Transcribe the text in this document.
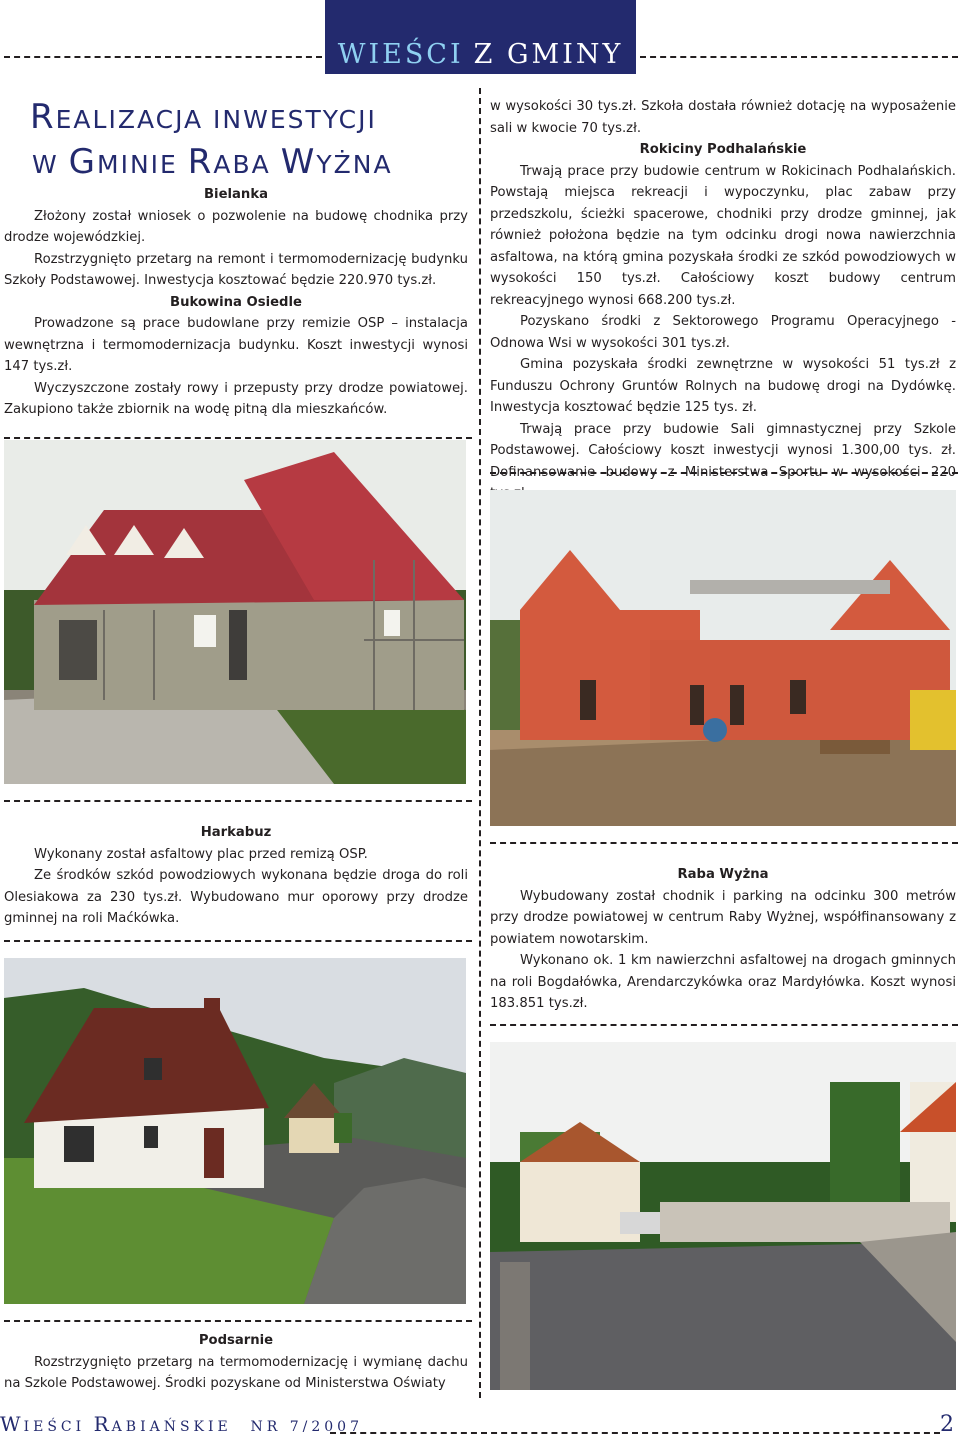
WIEŚCI Z GMINY
REALIZACJA INWESTYCJI
W GMINIE RABA WYŻNA

Bielanka

Złożony został wniosek o pozwolenie na budowę chodnika przy drodze wojewódzkiej.

Rozstrzygnięto przetarg na remont i termomodernizację budynku Szkoły Podstawowej. Inwestycja kosztować będzie 220.970 tys.zł.

Bukowina Osiedle

Prowadzone są prace budowlane przy remizie OSP – instalacja wewnętrzna i termomodernizacja budynku. Koszt inwestycji wynosi 147 tys.zł.

Wyczyszczone zostały rowy i przepusty przy drodze powiatowej. Zakupiono także zbiornik na wodę pitną dla mieszkańców.

w wysokości 30 tys.zł. Szkoła dostała również dotację na wyposażenie sali w kwocie 70 tys.zł.

Rokiciny Podhalańskie

Trwają prace przy budowie centrum w Rokicinach Podhalańskich. Powstają miejsca rekreacji i wypoczynku, plac zabaw przy przedszkolu, ścieżki spacerowe, chodniki przy drodze gminnej, jak również położona będzie na tym odcinku drogi nowa nawierzchnia asfaltowa, na którą gmina pozyskała środki ze szkód powodziowych w wysokości 150 tys.zł. Całościowy koszt budowy centrum rekreacyjnego wynosi 668.200 tys.zł.

Pozyskano środki z Sektorowego Programu Operacyjnego - Odnowa Wsi w wysokości 301 tys.zł.

Gmina pozyskała środki zewnętrzne w wysokości 51 tys.zł z Funduszu Ochrony Gruntów Rolnych na budowę drogi na Dydówkę. Inwestycja kosztować będzie 125 tys. zł.

Trwają prace przy budowie Sali gimnastycznej przy Szkole Podstawowej. Całościowy koszt inwestycji wynosi 1.300,00 tys. zł. Dofinansowanie budowy z Ministerstwa Sportu w wysokości 220

Harkabuz

Wykonany został asfaltowy plac przed remizą OSP.

Ze środków szkód powodziowych wykonana będzie droga do roli Olesiakowa za 230 tys.zł. Wybudowano mur oporowy przy drodze gminnej na roli Maćkówka.

Raba Wyżna

Wybudowany został chodnik i parking na odcinku 300 metrów przy drodze powiatowej w centrum Raby Wyżnej, współfinansowany z powiatem nowotarskim.

Wykonano ok. 1 km nawierzchni asfaltowej na drogach gminnych na roli Bogdałówka, Arendarczykówka oraz Mardyłówka. Koszt wynosi 183.851 tys.zł.

Podsarnie

Rozstrzygnięto przetarg na termomodernizację i wymianę dachu na Szkole Podstawowej. Środki pozyskane od Ministerstwa Oświaty

WIEŚCI RABIAŃSKIE NR 7/2007	2
